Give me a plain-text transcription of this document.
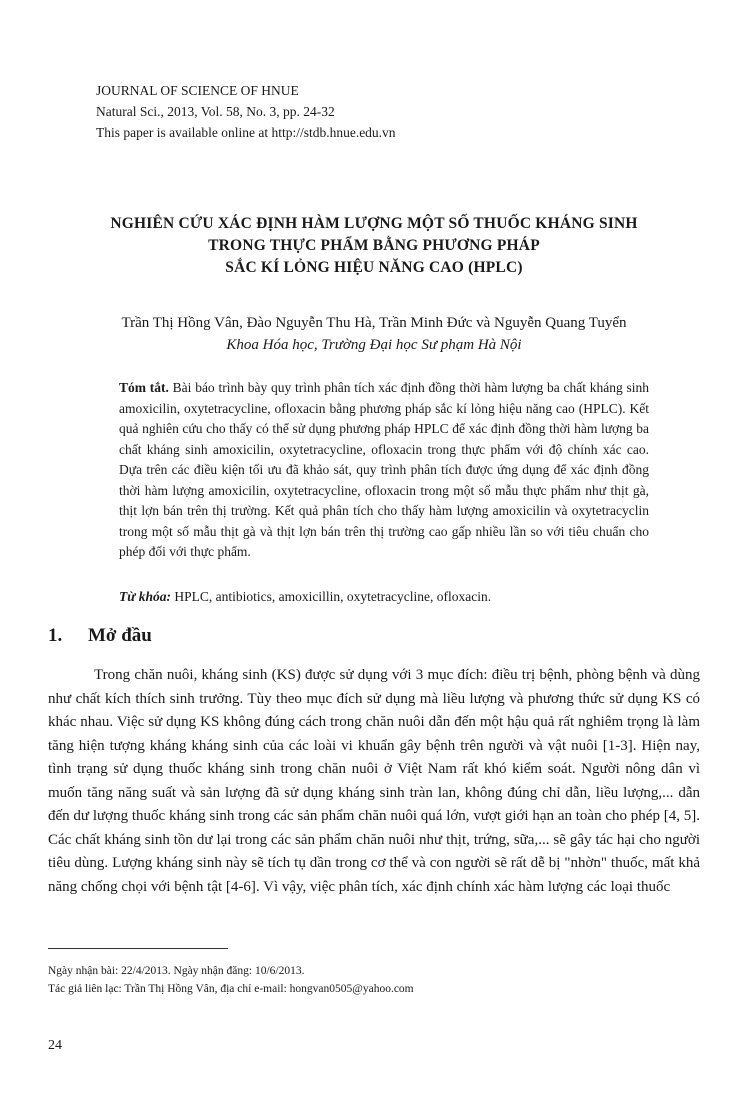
JOURNAL OF SCIENCE OF HNUE
Natural Sci., 2013, Vol. 58, No. 3, pp. 24-32
This paper is available online at http://stdb.hnue.edu.vn
NGHIÊN CỨU XÁC ĐỊNH HÀM LƯỢNG MỘT SỐ THUỐC KHÁNG SINH
TRONG THỰC PHẨM BẰNG PHƯƠNG PHÁP
SẮC KÍ LỎNG HIỆU NĂNG CAO (HPLC)
Trần Thị Hồng Vân, Đào Nguyễn Thu Hà, Trần Minh Đức và Nguyễn Quang Tuyển
Khoa Hóa học, Trường Đại học Sư phạm Hà Nội
Tóm tắt. Bài báo trình bày quy trình phân tích xác định đồng thời hàm lượng ba chất kháng sinh amoxicilin, oxytetracycline, ofloxacin bằng phương pháp sắc kí lỏng hiệu năng cao (HPLC). Kết quả nghiên cứu cho thấy có thể sử dụng phương pháp HPLC để xác định đồng thời hàm lượng ba chất kháng sinh amoxicilin, oxytetracycline, ofloxacin trong thực phẩm với độ chính xác cao. Dựa trên các điều kiện tối ưu đã khảo sát, quy trình phân tích được ứng dụng để xác định đồng thời hàm lượng amoxicilin, oxytetracycline, ofloxacin trong một số mẫu thực phẩm như thịt gà, thịt lợn bán trên thị trường. Kết quả phân tích cho thấy hàm lượng amoxicilin và oxytetracyclin trong một số mẫu thịt gà và thịt lợn bán trên thị trường cao gấp nhiều lần so với tiêu chuẩn cho phép đối với thực phẩm.
Từ khóa: HPLC, antibiotics, amoxicillin, oxytetracycline, ofloxacin.
1. Mở đầu
Trong chăn nuôi, kháng sinh (KS) được sử dụng với 3 mục đích: điều trị bệnh, phòng bệnh và dùng như chất kích thích sinh trưởng. Tùy theo mục đích sử dụng mà liều lượng và phương thức sử dụng KS có khác nhau. Việc sử dụng KS không đúng cách trong chăn nuôi dẫn đến một hậu quả rất nghiêm trọng là làm tăng hiện tượng kháng kháng sinh của các loài vi khuẩn gây bệnh trên người và vật nuôi [1-3]. Hiện nay, tình trạng sử dụng thuốc kháng sinh trong chăn nuôi ở Việt Nam rất khó kiểm soát. Người nông dân vì muốn tăng năng suất và sản lượng đã sử dụng kháng sinh tràn lan, không đúng chỉ dẫn, liều lượng,... dẫn đến dư lượng thuốc kháng sinh trong các sản phẩm chăn nuôi quá lớn, vượt giới hạn an toàn cho phép [4, 5]. Các chất kháng sinh tồn dư lại trong các sản phẩm chăn nuôi như thịt, trứng, sữa,... sẽ gây tác hại cho người tiêu dùng. Lượng kháng sinh này sẽ tích tụ dần trong cơ thể và con người sẽ rất dễ bị "nhờn" thuốc, mất khả năng chống chọi với bệnh tật [4-6]. Vì vậy, việc phân tích, xác định chính xác hàm lượng các loại thuốc
Ngày nhận bài: 22/4/2013. Ngày nhận đăng: 10/6/2013.
Tác giả liên lạc: Trần Thị Hồng Vân, địa chỉ e-mail: hongvan0505@yahoo.com
24
